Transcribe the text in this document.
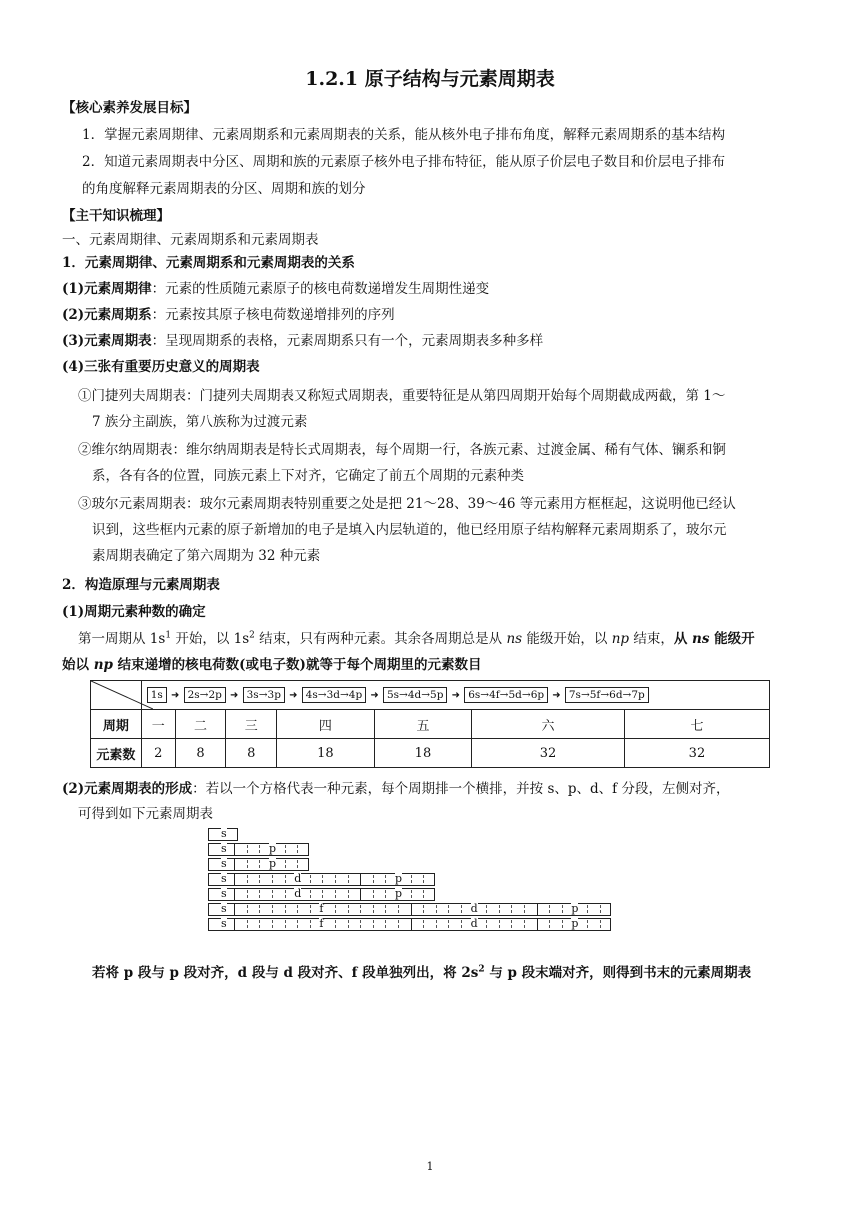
1.2.1 原子结构与元素周期表
【核心素养发展目标】
1．掌握元素周期律、元素周期系和元素周期表的关系，能从核外电子排布角度，解释元素周期系的基本结构
2．知道元素周期表中分区、周期和族的元素原子核外电子排布特征，能从原子价层电子数目和价层电子排布
的角度解释元素周期表的分区、周期和族的划分
【主干知识梳理】
一、元素周期律、元素周期系和元素周期表
1．元素周期律、元素周期系和元素周期表的关系
(1)元素周期律：元素的性质随元素原子的核电荷数递增发生周期性递变
(2)元素周期系：元素按其原子核电荷数递增排列的序列
(3)元素周期表：呈现周期系的表格，元素周期系只有一个，元素周期表多种多样
(4)三张有重要历史意义的周期表
①门捷列夫周期表：门捷列夫周期表又称短式周期表，重要特征是从第四周期开始每个周期截成两截，第 1～
7 族分主副族，第八族称为过渡元素
②维尔纳周期表：维尔纳周期表是特长式周期表，每个周期一行，各族元素、过渡金属、稀有气体、镧系和锕
系，各有各的位置，同族元素上下对齐，它确定了前五个周期的元素种类
③玻尔元素周期表：玻尔元素周期表特别重要之处是把 21～28、39～46 等元素用方框框起，这说明他已经认
识到，这些框内元素的原子新增加的电子是填入内层轨道的，他已经用原子结构解释元素周期系了，玻尔元
素周期表确定了第六周期为 32 种元素
2．构造原理与元素周期表
(1)周期元素种数的确定
第一周期从 $1s^1$ 开始，以 $1s^2$ 结束，只有两种元素。其余各周期总是从 ns 能级开始，以 np 结束，从 ns 能级开
始以 np 结束递增的核电荷数(或电子数)就等于每个周期里的元素数目
	1s ➜ 2s→2p ➜ 3s→3p ➜ 4s→3d→4p ➜ 5s→4d→5p ➜ 6s→4f→5d→6p ➜ 7s→5f→6d→7p						
周期	一	二	三	四	五	六	七
元素数	2	8	8	18	18	32	32
(2)元素周期表的形成：若以一个方格代表一种元素，每个周期排一个横排，并按 s、p、d、f 分段，左侧对齐，
可得到如下元素周期表
s
s	p
s	p
s	d	p
s	d	p
s	f	d	p
s	f	d	p
若将 p 段与 p 段对齐，d 段与 d 段对齐、f 段单独列出，将 $2s^2$ 与 p 段末端对齐，则得到书末的元素周期表
1
